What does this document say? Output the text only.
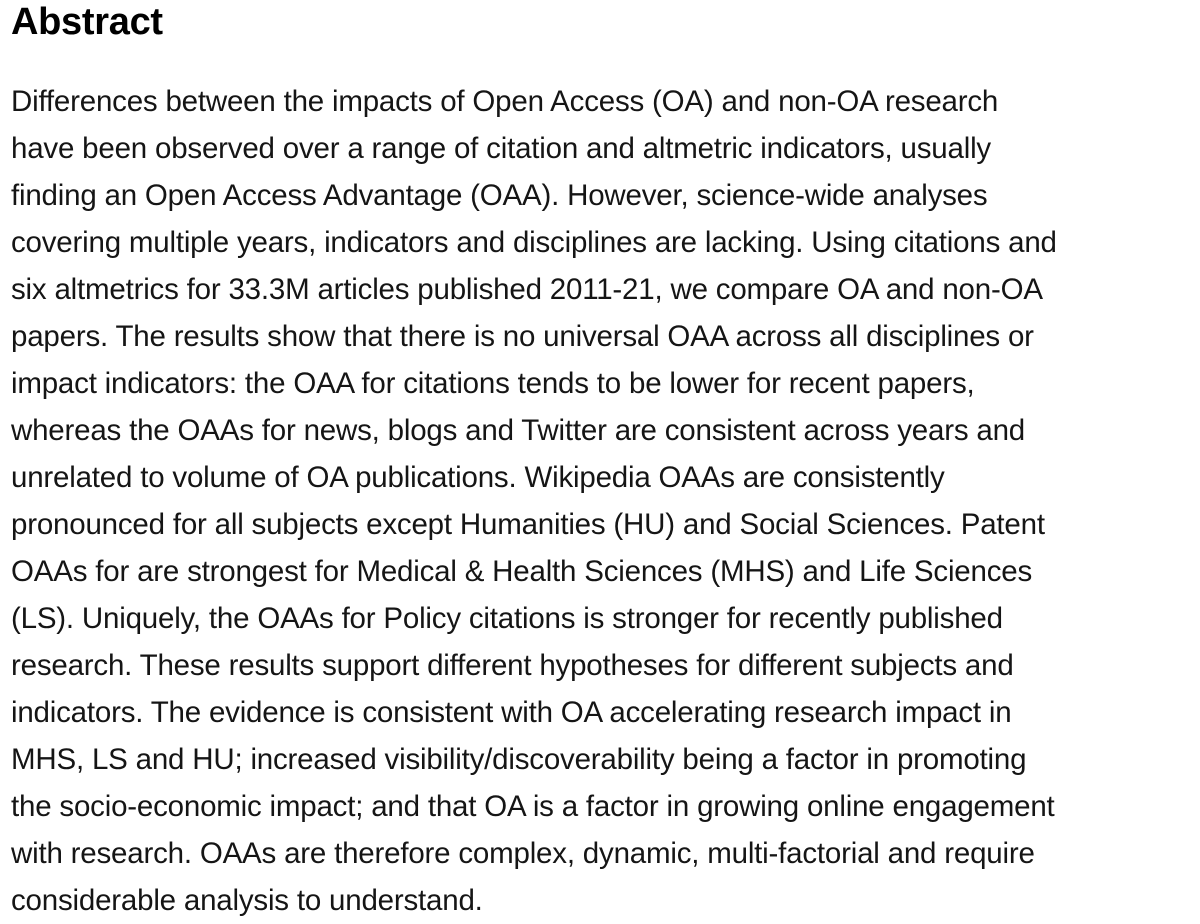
Abstract

Differences between the impacts of Open Access (OA) and non-OA research
have been observed over a range of citation and altmetric indicators, usually
finding an Open Access Advantage (OAA). However, science-wide analyses
covering multiple years, indicators and disciplines are lacking. Using citations and
six altmetrics for 33.3M articles published 2011-21, we compare OA and non-OA
papers. The results show that there is no universal OAA across all disciplines or
impact indicators: the OAA for citations tends to be lower for recent papers,
whereas the OAAs for news, blogs and Twitter are consistent across years and
unrelated to volume of OA publications. Wikipedia OAAs are consistently
pronounced for all subjects except Humanities (HU) and Social Sciences. Patent
OAAs for are strongest for Medical & Health Sciences (MHS) and Life Sciences
(LS). Uniquely, the OAAs for Policy citations is stronger for recently published
research. These results support different hypotheses for different subjects and
indicators. The evidence is consistent with OA accelerating research impact in
MHS, LS and HU; increased visibility/discoverability being a factor in promoting
the socio-economic impact; and that OA is a factor in growing online engagement
with research. OAAs are therefore complex, dynamic, multi-factorial and require
considerable analysis to understand.
